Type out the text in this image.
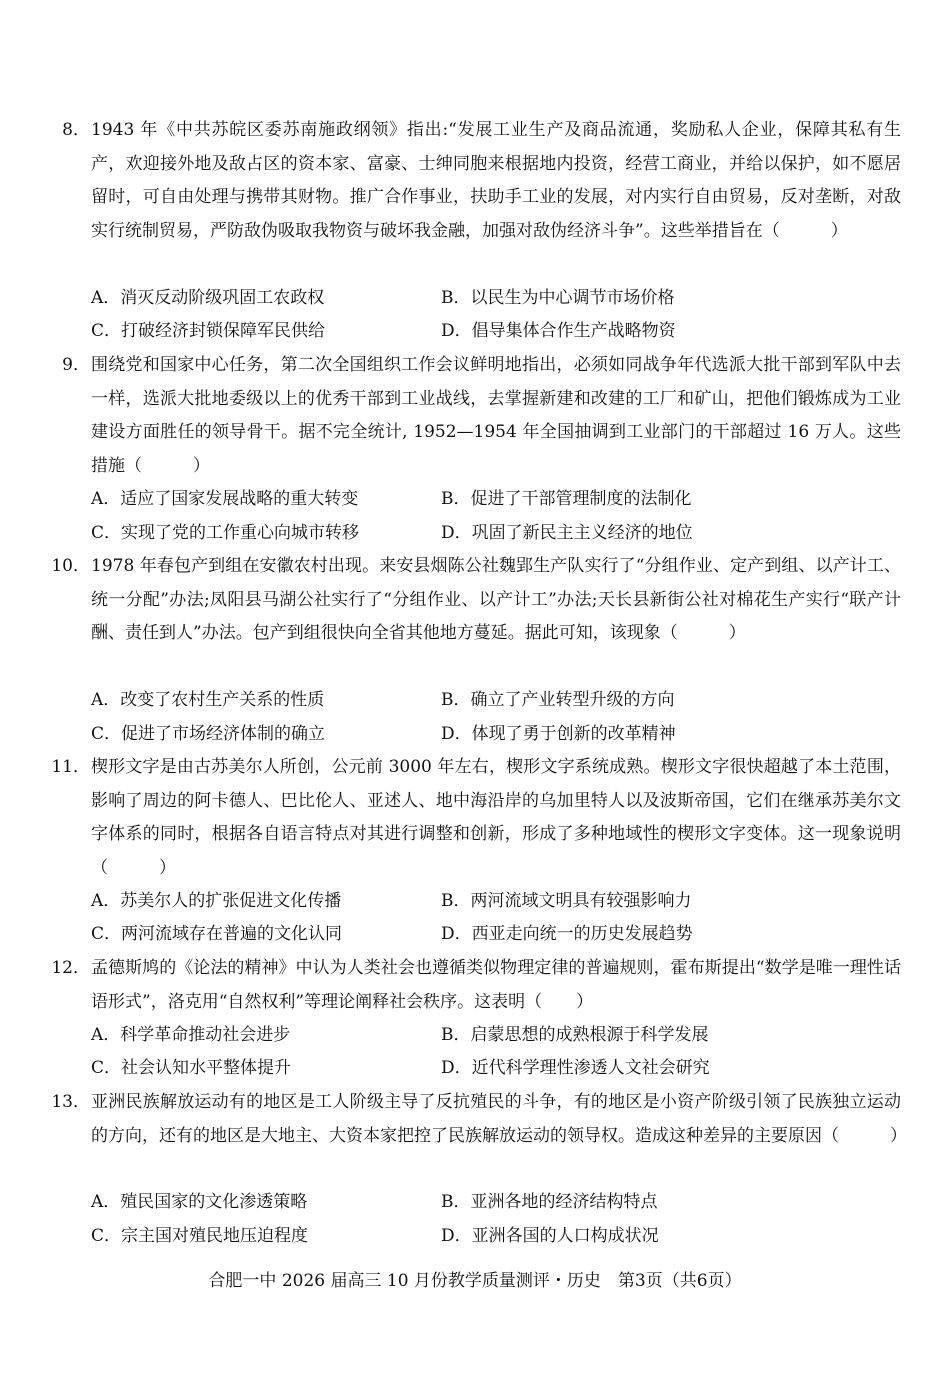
8． 1943 年《中共苏皖区委苏南施政纲领》指出:“发展工业生产及商品流通，奖励私人企业，保障其私有生产，欢迎接外地及敌占区的资本家、富豪、士绅同胞来根据地内投资，经营工商业，并给以保护，如不愿居留时，可自由处理与携带其财物。推广合作事业，扶助手工业的发展，对内实行自由贸易，反对垄断，对敌实行统制贸易，严防敌伪吸取我物资与破坏我金融，加强对敌伪经济斗争”。这些举措旨在（　　　）
A．消灭反动阶级巩固工农政权	B．以民生为中心调节市场价格
C．打破经济封锁保障军民供给	D．倡导集体合作生产战略物资
9． 围绕党和国家中心任务，第二次全国组织工作会议鲜明地指出，必须如同战争年代选派大批干部到军队中去一样，选派大批地委级以上的优秀干部到工业战线，去掌握新建和改建的工厂和矿山，把他们锻炼成为工业建设方面胜任的领导骨干。据不完全统计, 1952—1954 年全国抽调到工业部门的干部超过 16 万人。这些措施（　　　）
A．适应了国家发展战略的重大转变	B．促进了干部管理制度的法制化
C．实现了党的工作重心向城市转移	D．巩固了新民主主义经济的地位
10． 1978 年春包产到组在安徽农村出现。来安县烟陈公社魏郢生产队实行了“分组作业、定产到组、以产计工、统一分配”办法;凤阳县马湖公社实行了“分组作业、以产计工”办法;天长县新街公社对棉花生产实行“联产计酬、责任到人”办法。包产到组很快向全省其他地方蔓延。据此可知，该现象（　　　）
A．改变了农村生产关系的性质	B．确立了产业转型升级的方向
C．促进了市场经济体制的确立	D．体现了勇于创新的改革精神
11． 楔形文字是由古苏美尔人所创，公元前 3000 年左右，楔形文字系统成熟。楔形文字很快超越了本土范围，影响了周边的阿卡德人、巴比伦人、亚述人、地中海沿岸的乌加里特人以及波斯帝国，它们在继承苏美尔文字体系的同时，根据各自语言特点对其进行调整和创新，形成了多种地域性的楔形文字变体。这一现象说明（　　　）
A．苏美尔人的扩张促进文化传播	B．两河流域文明具有较强影响力
C．两河流域存在普遍的文化认同	D．西亚走向统一的历史发展趋势
12． 孟德斯鸠的《论法的精神》中认为人类社会也遵循类似物理定律的普遍规则，霍布斯提出“数学是唯一理性话语形式”，洛克用“自然权利”等理论阐释社会秩序。这表明（　　）
A．科学革命推动社会进步	B．启蒙思想的成熟根源于科学发展
C．社会认知水平整体提升	D．近代科学理性渗透人文社会研究
13． 亚洲民族解放运动有的地区是工人阶级主导了反抗殖民的斗争，有的地区是小资产阶级引领了民族独立运动的方向，还有的地区是大地主、大资本家把控了民族解放运动的领导权。造成这种差异的主要原因（　　　）
A．殖民国家的文化渗透策略	B．亚洲各地的经济结构特点
C．宗主国对殖民地压迫程度	D．亚洲各国的人口构成状况
合肥一中 2026 届高三 10 月份教学质量测评・历史　第3页（共6页）
